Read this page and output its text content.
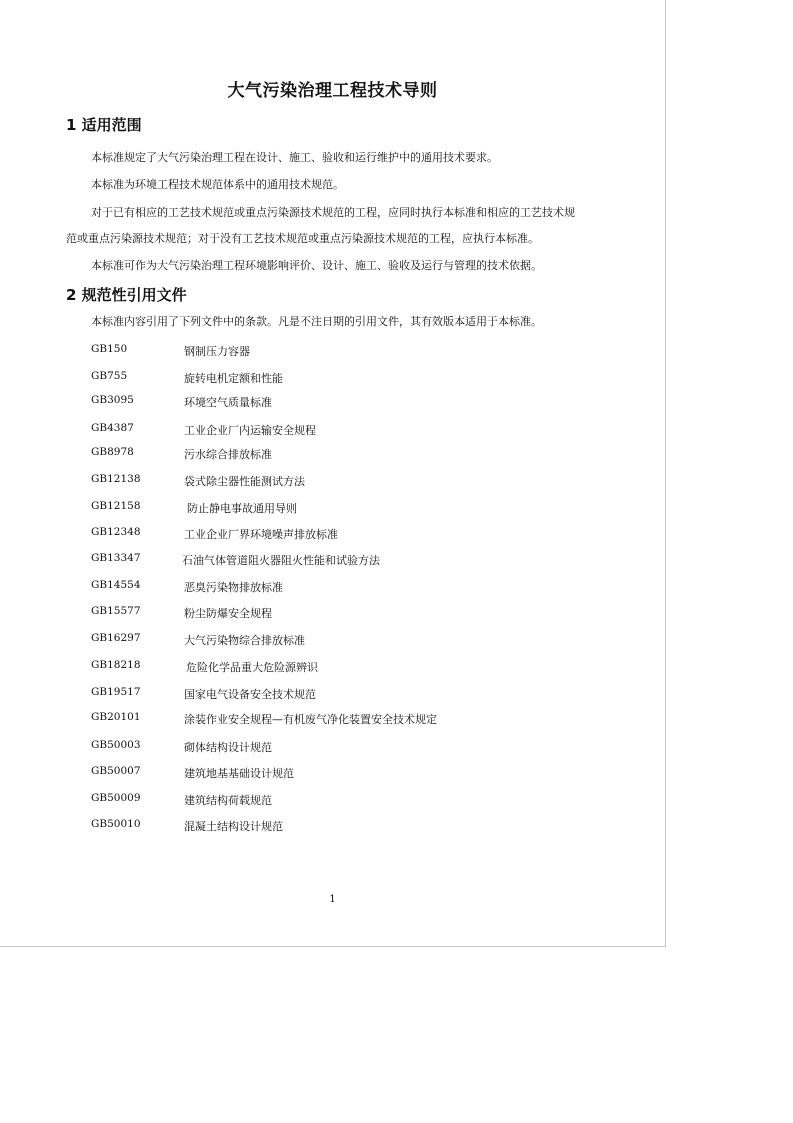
大气污染治理工程技术导则
1 适用范围
本标准规定了大气污染治理工程在设计、施工、验收和运行维护中的通用技术要求。
本标准为环境工程技术规范体系中的通用技术规范。
对于已有相应的工艺技术规范或重点污染源技术规范的工程，应同时执行本标准和相应的工艺技术规
范或重点污染源技术规范；对于没有工艺技术规范或重点污染源技术规范的工程，应执行本标准。
本标准可作为大气污染治理工程环境影响评价、设计、施工、验收及运行与管理的技术依据。
2 规范性引用文件
本标准内容引用了下列文件中的条款。凡是不注日期的引用文件，其有效版本适用于本标准。
GB150	钢制压力容器
GB755	旋转电机定额和性能
GB3095	环境空气质量标准
GB4387	工业企业厂内运输安全规程
GB8978	污水综合排放标准
GB12138	袋式除尘器性能测试方法
GB12158	防止静电事故通用导则
GB12348	工业企业厂界环境噪声排放标准
GB13347	石油气体管道阻火器阻火性能和试验方法
GB14554	恶臭污染物排放标准
GB15577	粉尘防爆安全规程
GB16297	大气污染物综合排放标准
GB18218	危险化学品重大危险源辨识
GB19517	国家电气设备安全技术规范
GB20101	涂装作业安全规程—有机废气净化装置安全技术规定
GB50003	砌体结构设计规范
GB50007	建筑地基基础设计规范
GB50009	建筑结构荷载规范
GB50010	混凝土结构设计规范
1
